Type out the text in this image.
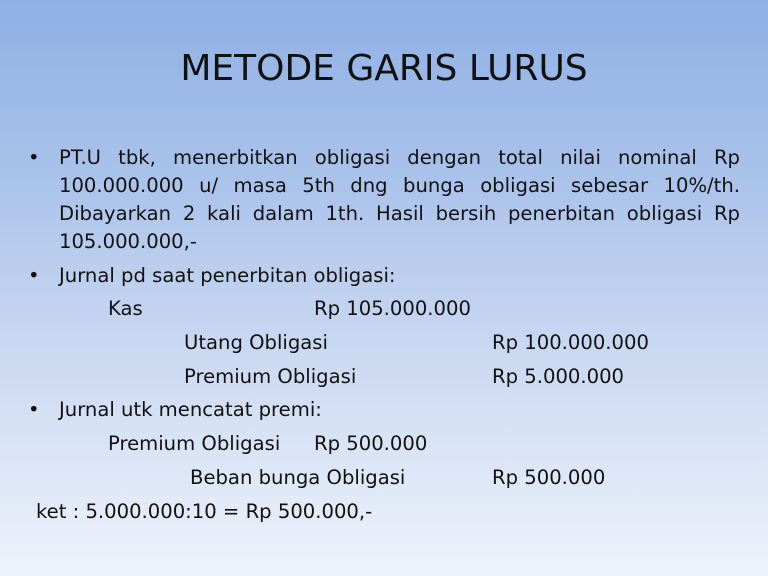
METODE GARIS LURUS
• PT.U tbk, menerbitkan obligasi dengan total nilai nominal Rp 100.000.000 u/ masa 5th dng bunga obligasi sebesar 10%/th. Dibayarkan 2 kali dalam 1th. Hasil bersih penerbitan obligasi Rp 105.000.000,-
• Jurnal pd saat penerbitan obligasi:
Kas	Rp 105.000.000
Utang Obligasi	Rp 100.000.000
Premium Obligasi	Rp 5.000.000
• Jurnal utk mencatat premi:
Premium Obligasi Rp 500.000
Beban bunga Obligasi	Rp 500.000
ket : 5.000.000:10 = Rp 500.000,-
